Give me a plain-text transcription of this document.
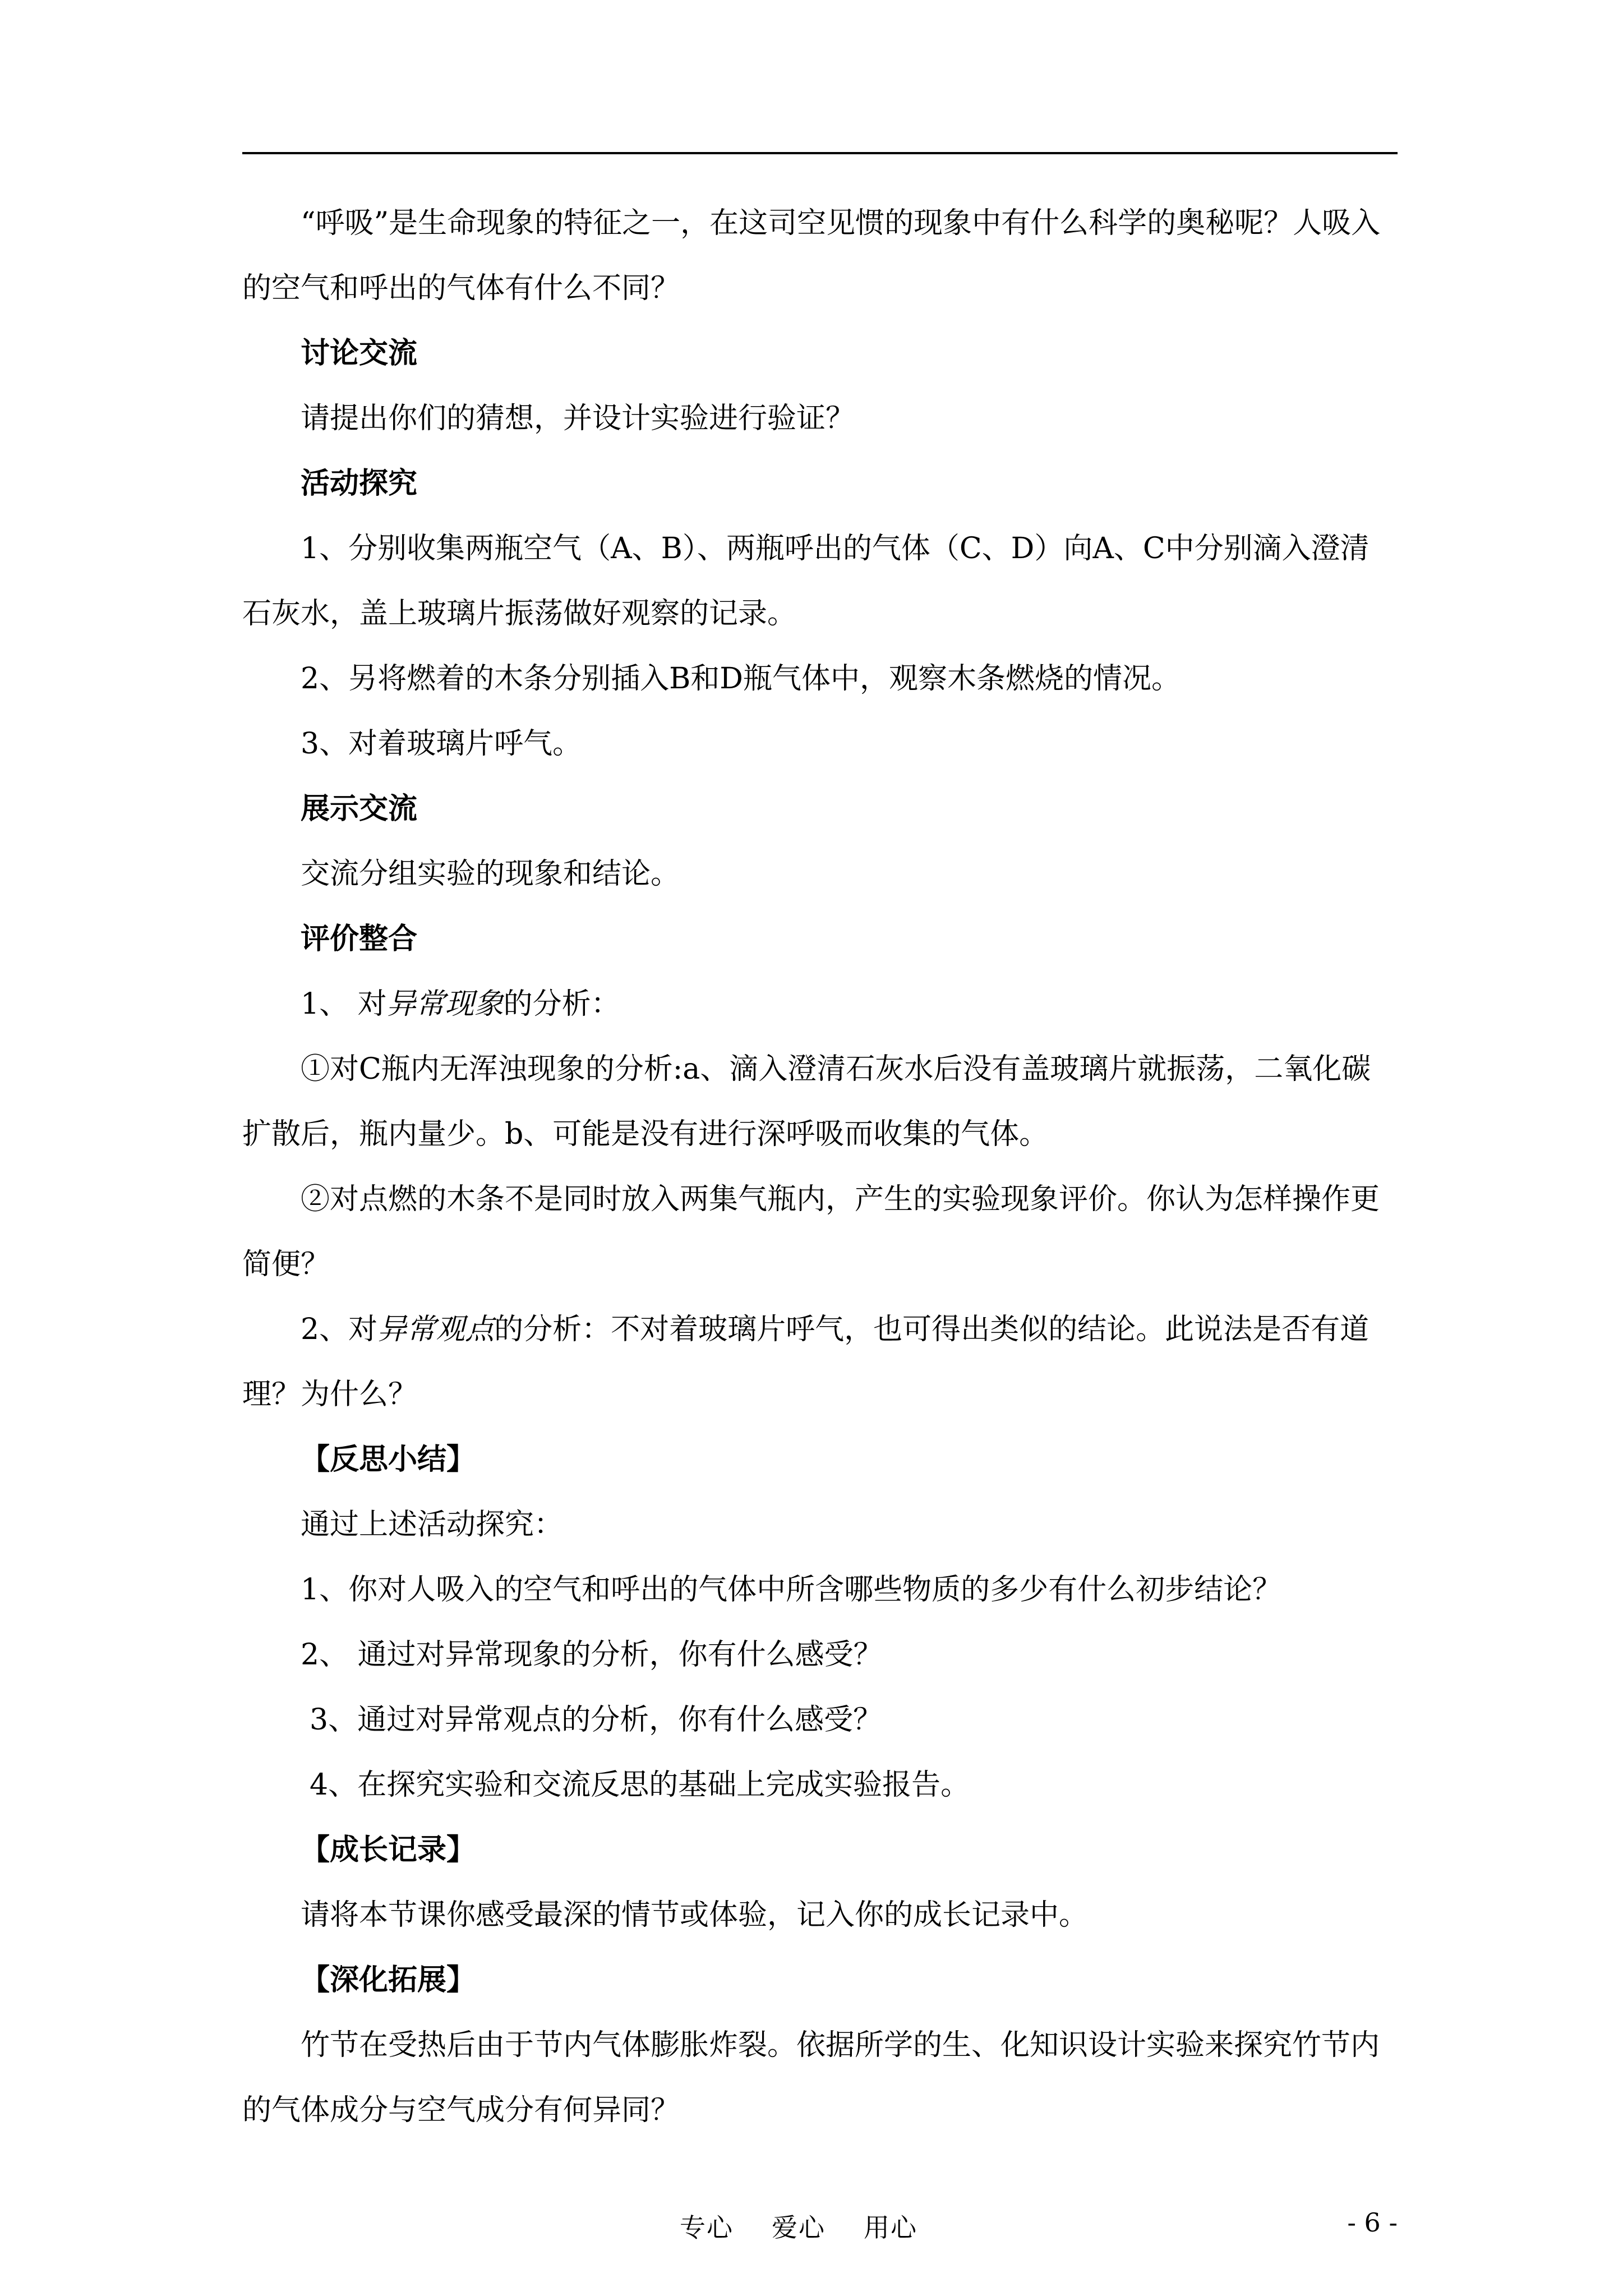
“呼吸”是生命现象的特征之一，在这司空见惯的现象中有什么科学的奥秘呢？人吸入的空气和呼出的气体有什么不同？

讨论交流

请提出你们的猜想，并设计实验进行验证？

活动探究

1、分别收集两瓶空气（A、B）、两瓶呼出的气体（C、D）向A、C中分别滴入澄清石灰水，盖上玻璃片振荡做好观察的记录。

2、另将燃着的木条分别插入B和D瓶气体中，观察木条燃烧的情况。

3、对着玻璃片呼气。

展示交流

交流分组实验的现象和结论。

评价整合

1、 对异常现象的分析：

①对C瓶内无浑浊现象的分析:a、滴入澄清石灰水后没有盖玻璃片就振荡，二氧化碳扩散后，瓶内量少。b、可能是没有进行深呼吸而收集的气体。

②对点燃的木条不是同时放入两集气瓶内，产生的实验现象评价。你认为怎样操作更简便？

2、对异常观点的分析：不对着玻璃片呼气，也可得出类似的结论。此说法是否有道理？为什么？

【反思小结】

通过上述活动探究：

1、你对人吸入的空气和呼出的气体中所含哪些物质的多少有什么初步结论？

2、 通过对异常现象的分析，你有什么感受？

3、通过对异常观点的分析，你有什么感受？

4、在探究实验和交流反思的基础上完成实验报告。

【成长记录】

请将本节课你感受最深的情节或体验，记入你的成长记录中。

【深化拓展】

竹节在受热后由于节内气体膨胀炸裂。依据所学的生、化知识设计实验来探究竹节内的气体成分与空气成分有何异同？

专心 爱心 用心	- 6 -
